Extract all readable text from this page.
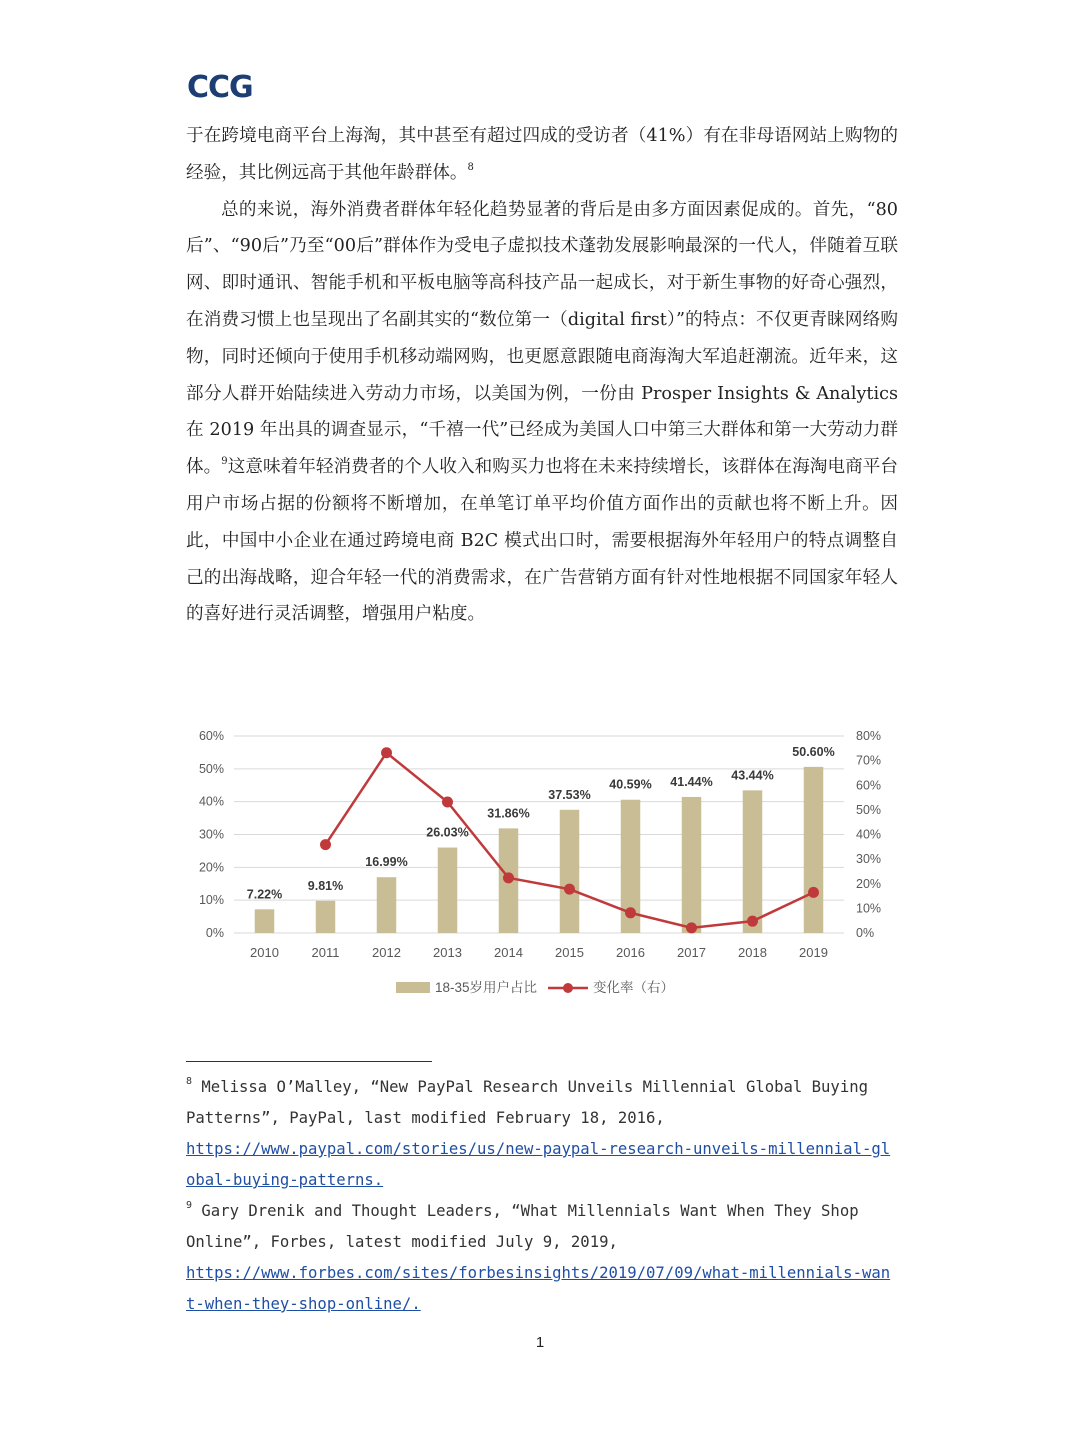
CCG

于在跨境电商平台上海淘，其中甚至有超过四成的受访者（41%）有在非母语网站上购物的经验，其比例远高于其他年龄群体。$^8$

总的来说，海外消费者群体年轻化趋势显著的背后是由多方面因素促成的。首先，“80后”、“90后”乃至“00后”群体作为受电子虚拟技术蓬勃发展影响最深的一代人，伴随着互联网、即时通讯、智能手机和平板电脑等高科技产品一起成长，对于新生事物的好奇心强烈，在消费习惯上也呈现出了名副其实的“数位第一（digital first）”的特点：不仅更青睐网络购物，同时还倾向于使用手机移动端网购，也更愿意跟随电商海淘大军追赶潮流。近年来，这部分人群开始陆续进入劳动力市场，以美国为例，一份由 Prosper Insights & Analytics 在 2019 年出具的调查显示，“千禧一代”已经成为美国人口中第三大群体和第一大劳动力群体。$^9$这意味着年轻消费者的个人收入和购买力也将在未来持续增长，该群体在海淘电商平台用户市场占据的份额将不断增加，在单笔订单平均价值方面作出的贡献也将不断上升。因此，中国中小企业在通过跨境电商 B2C 模式出口时，需要根据海外年轻用户的特点调整自己的出海战略，迎合年轻一代的消费需求，在广告营销方面有针对性地根据不同国家年轻人的喜好进行灵活调整，增强用户粘度。

0%
10%
20%
30%
40%
50%
60%
0%
10%
20%
30%
40%
50%
60%
70%
80%
7.22%
2010
9.81%
2011
16.99%
2012
26.03%
2013
31.86%
2014
37.53%
2015
40.59%
2016
41.44%
2017
43.44%
2018
50.60%
2019
18-35岁用户占比	变化率（右）

$^8$ Melissa O’Malley, “New PayPal Research Unveils Millennial Global Buying Patterns”, PayPal, last modified February 18, 2016,
https://www.paypal.com/stories/us/new-paypal-research-unveils-millennial-global-buying-patterns.

$^9$ Gary Drenik and Thought Leaders, “What Millennials Want When They Shop Online”, Forbes, latest modified July 9, 2019,
https://www.forbes.com/sites/forbesinsights/2019/07/09/what-millennials-want-when-they-shop-online/.

1
